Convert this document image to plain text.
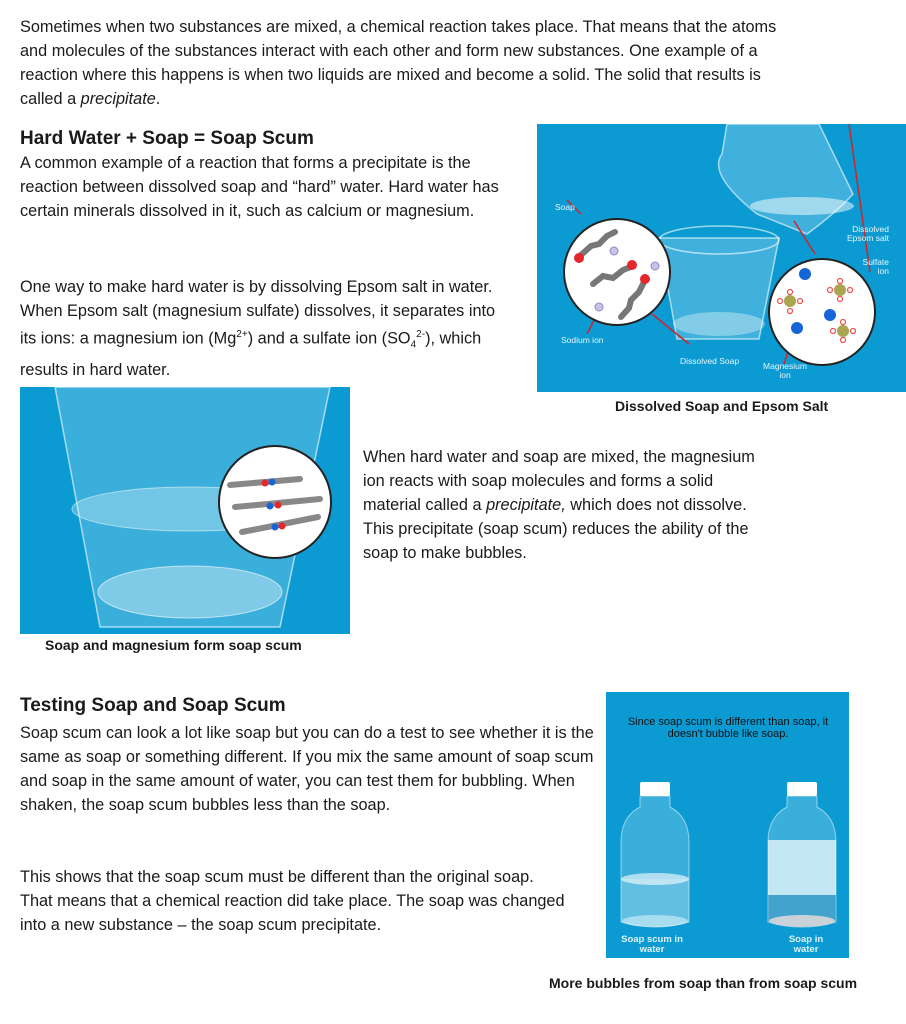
Sometimes when two substances are mixed, a chemical reaction takes place. That means that the atoms and molecules of the substances interact with each other and form new substances. One example of a reaction where this happens is when two liquids are mixed and become a solid. The solid that results is called a precipitate.

Hard Water + Soap = Soap Scum

A common example of a reaction that forms a precipitate is the reaction between dissolved soap and “hard” water. Hard water has certain minerals dissolved in it, such as calcium or magnesium.

One way to make hard water is by dissolving Epsom salt in water. When Epsom salt (magnesium sulfate) dissolves, it separates into its ions: a magnesium ion $(Mg^{2+})$ and a sulfate ion $(SO_4^{2-})$, which results in hard water.

Soap
Sodium ion
Dissolved Soap
Dissolved Epsom salt
Sulfate ion
Magnesium ion

Dissolved Soap and Epsom Salt

Soap and magnesium form soap scum

When hard water and soap are mixed, the magnesium ion reacts with soap molecules and forms a solid material called a precipitate, which does not dissolve. This precipitate (soap scum) reduces the ability of the soap to make bubbles.

Testing Soap and Soap Scum

Soap scum can look a lot like soap but you can do a test to see whether it is the same as soap or something different. If you mix the same amount of soap scum and soap in the same amount of water, you can test them for bubbling. When shaken, the soap scum bubbles less than the soap.

This shows that the soap scum must be different than the original soap. That means that a chemical reaction did take place. The soap was changed into a new substance – the soap scum precipitate.

Since soap scum is different than soap, it doesn't bubble like soap.
Soap scum in water
Soap in water

More bubbles from soap than from soap scum
